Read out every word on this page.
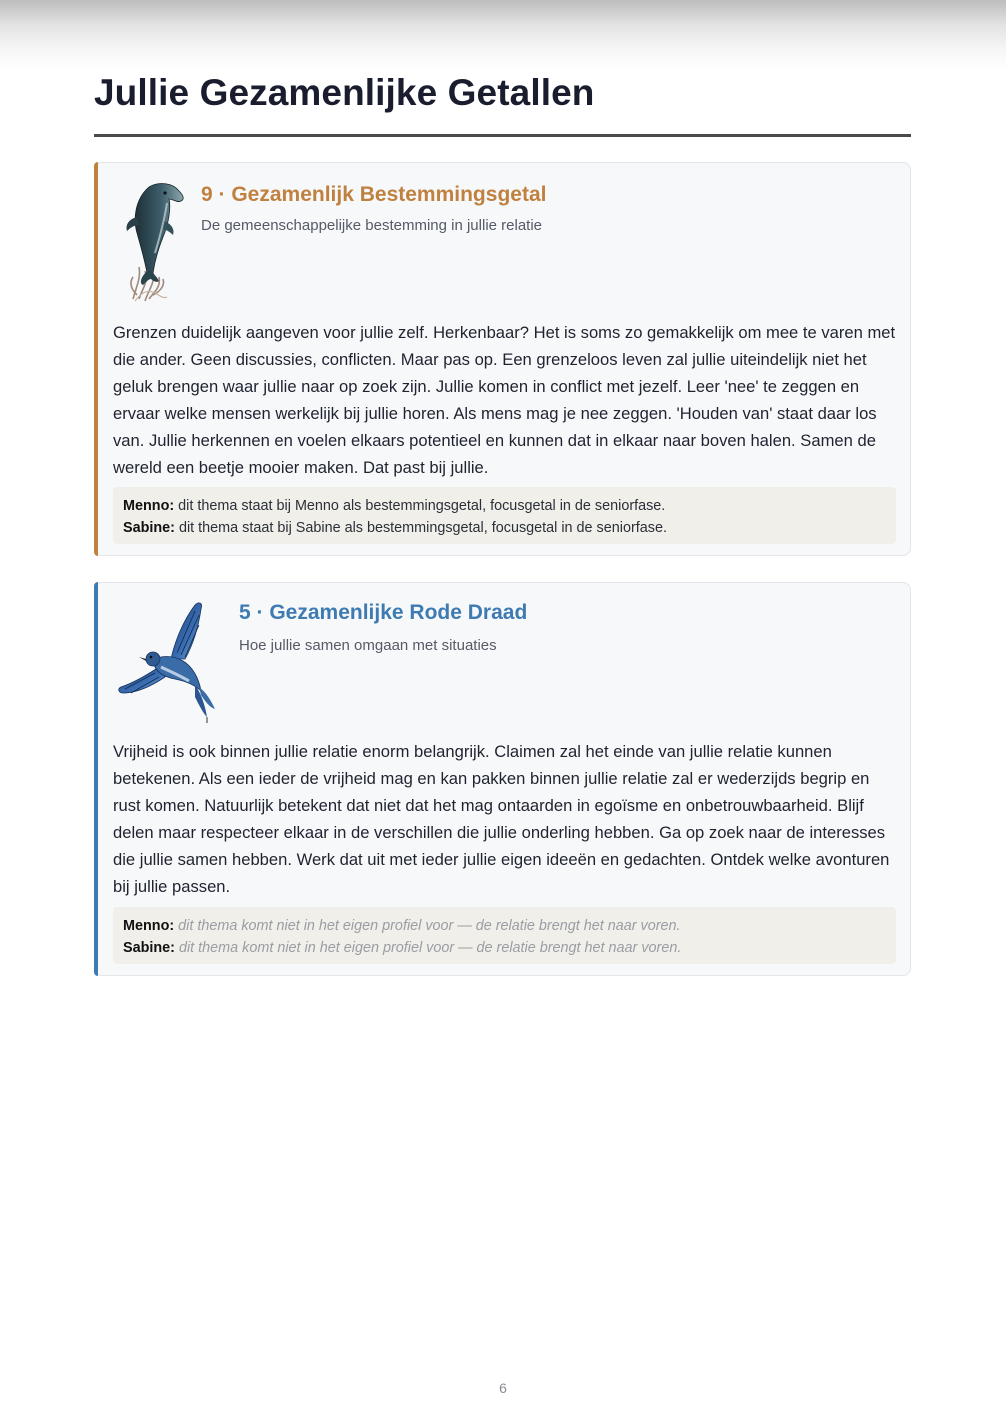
Jullie Gezamenlijke Getallen
9 · Gezamenlijk Bestemmingsgetal
De gemeenschappelijke bestemming in jullie relatie

Grenzen duidelijk aangeven voor jullie zelf. Herkenbaar? Het is soms zo gemakkelijk om mee te varen met die ander. Geen discussies, conflicten. Maar pas op. Een grenzeloos leven zal jullie uiteindelijk niet het geluk brengen waar jullie naar op zoek zijn. Jullie komen in conflict met jezelf. Leer 'nee' te zeggen en ervaar welke mensen werkelijk bij jullie horen. Als mens mag je nee zeggen. 'Houden van' staat daar los van. Jullie herkennen en voelen elkaars potentieel en kunnen dat in elkaar naar boven halen. Samen de wereld een beetje mooier maken. Dat past bij jullie.

Menno: dit thema staat bij Menno als bestemmingsgetal, focusgetal in de seniorfase.
Sabine: dit thema staat bij Sabine als bestemmingsgetal, focusgetal in de seniorfase.
5 · Gezamenlijke Rode Draad
Hoe jullie samen omgaan met situaties

Vrijheid is ook binnen jullie relatie enorm belangrijk. Claimen zal het einde van jullie relatie kunnen betekenen. Als een ieder de vrijheid mag en kan pakken binnen jullie relatie zal er wederzijds begrip en rust komen. Natuurlijk betekent dat niet dat het mag ontaarden in egoïsme en onbetrouwbaarheid. Blijf delen maar respecteer elkaar in de verschillen die jullie onderling hebben. Ga op zoek naar de interesses die jullie samen hebben. Werk dat uit met ieder jullie eigen ideeën en gedachten. Ontdek welke avonturen bij jullie passen.

Menno: dit thema komt niet in het eigen profiel voor — de relatie brengt het naar voren.
Sabine: dit thema komt niet in het eigen profiel voor — de relatie brengt het naar voren.
6
